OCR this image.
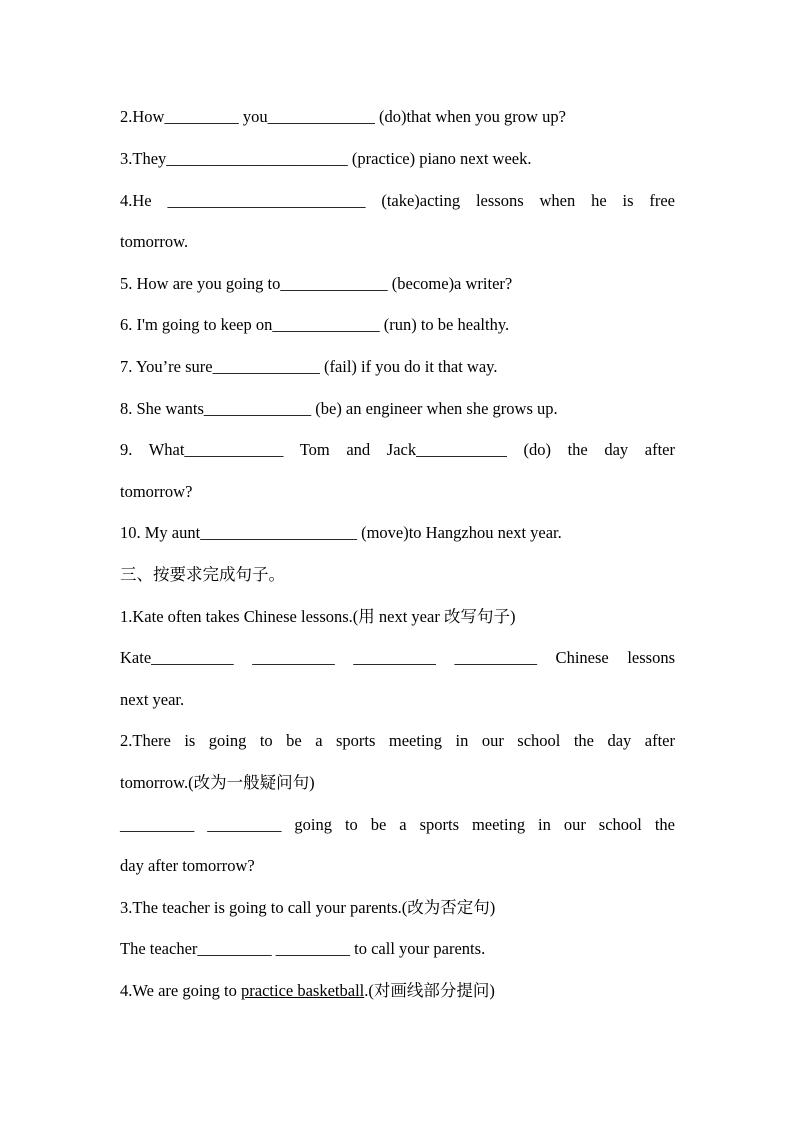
2.How_________ you_____________ (do)that when you grow up?
3.They______________________ (practice) piano next week.
4.He ________________________ (take)acting lessons when he is free
tomorrow.
5. How are you going to_____________ (become)a writer?
6. I'm going to keep on_____________ (run) to be healthy.
7. You’re sure_____________ (fail) if you do it that way.
8. She wants_____________ (be) an engineer when she grows up.
9. What____________ Tom and Jack___________ (do) the day after
tomorrow?
10. My aunt___________________ (move)to Hangzhou next year.
三、按要求完成句子。
1.Kate often takes Chinese lessons.(用 next year 改写句子)
Kate__________ __________ __________ __________ Chinese lessons
next year.
2.There is going to be a sports meeting in our school the day after
tomorrow.(改为一般疑问句)
_________ _________ going to be a sports meeting in our school the
day after tomorrow?
3.The teacher is going to call your parents.(改为否定句)
The teacher_________ _________ to call your parents.
4.We are going to practice basketball.(对画线部分提问)
